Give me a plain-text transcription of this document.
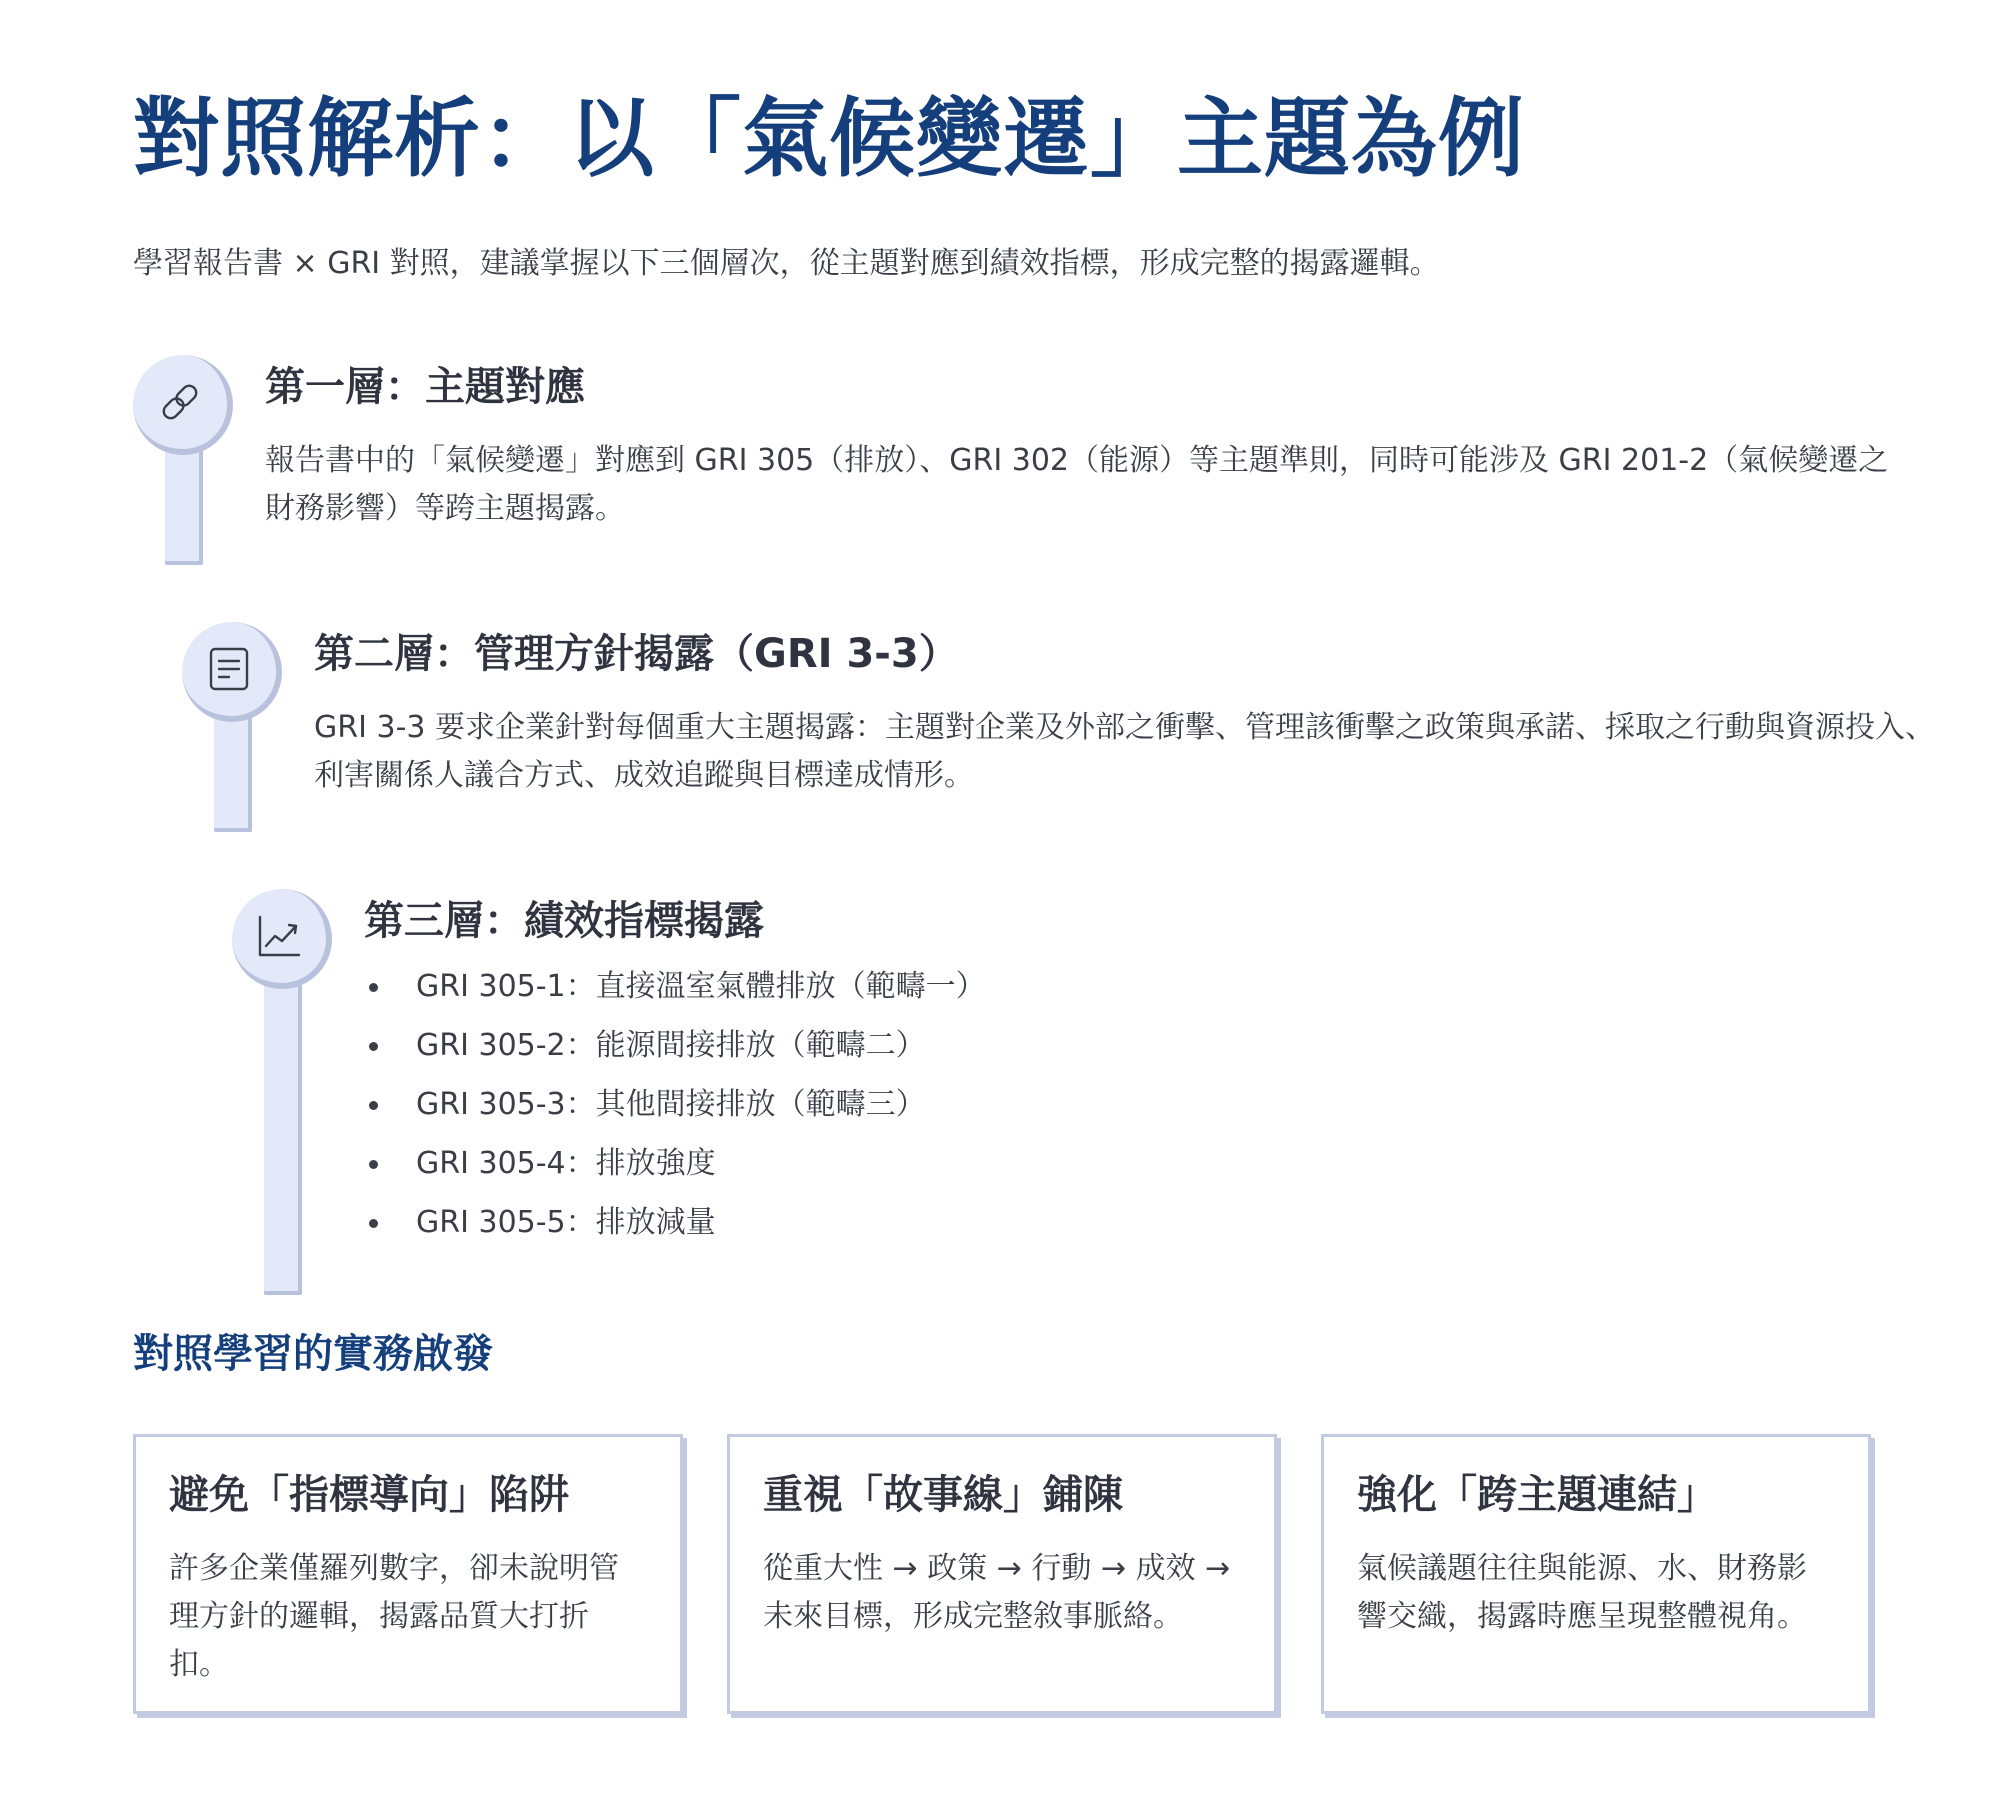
對照解析：以「氣候變遷」主題為例

學習報告書 × GRI 對照，建議掌握以下三個層次，從主題對應到績效指標，形成完整的揭露邏輯。

第一層：主題對應

報告書中的「氣候變遷」對應到 GRI 305（排放）、GRI 302（能源）等主題準則，同時可能涉及 GRI 201-2（氣候變遷之財務影響）等跨主題揭露。

第二層：管理方針揭露（GRI 3-3）

GRI 3-3 要求企業針對每個重大主題揭露：主題對企業及外部之衝擊、管理該衝擊之政策與承諾、採取之行動與資源投入、利害關係人議合方式、成效追蹤與目標達成情形。

第三層：績效指標揭露
GRI 305-1：直接溫室氣體排放（範疇一）
GRI 305-2：能源間接排放（範疇二）
GRI 305-3：其他間接排放（範疇三）
GRI 305-4：排放強度
GRI 305-5：排放減量
對照學習的實務啟發
避免「指標導向」陷阱

許多企業僅羅列數字，卻未說明管理方針的邏輯，揭露品質大打折扣。

重視「故事線」鋪陳

從重大性 → 政策 → 行動 → 成效 → 未來目標，形成完整敘事脈絡。

強化「跨主題連結」

氣候議題往往與能源、水、財務影響交織，揭露時應呈現整體視角。
